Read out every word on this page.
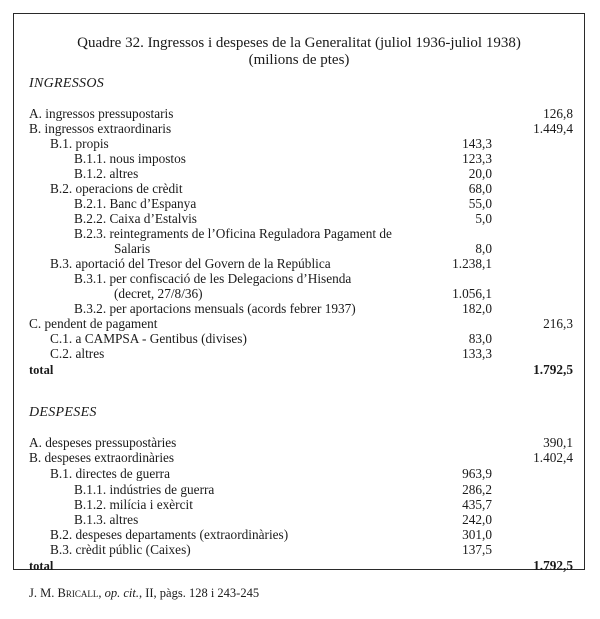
Quadre 32. Ingressos i despeses de la Generalitat (juliol 1936-juliol 1938)
(milions de ptes)
INGRESSOS
A. ingressos pressupostaris	126,8
B. ingressos extraordinaris	1.449,4
B.1. propis	143,3
B.1.1. nous impostos	123,3
B.1.2. altres	20,0
B.2. operacions de crèdit	68,0
B.2.1. Banc d’Espanya	55,0
B.2.2. Caixa d’Estalvis	5,0
B.2.3. reintegraments de l’Oficina Reguladora Pagament de
Salaris	8,0
B.3. aportació del Tresor del Govern de la República	1.238,1
B.3.1. per confiscació de les Delegacions d’Hisenda
(decret, 27/8/36)	1.056,1
B.3.2. per aportacions mensuals (acords febrer 1937)	182,0
C. pendent de pagament	216,3
C.1. a CAMPSA - Gentibus (divises)	83,0
C.2. altres	133,3
total	1.792,5
DESPESES
A. despeses pressupostàries	390,1
B. despeses extraordinàries	1.402,4
B.1. directes de guerra	963,9
B.1.1. indústries de guerra	286,2
B.1.2. milícia i exèrcit	435,7
B.1.3. altres	242,0
B.2. despeses departaments (extraordinàries)	301,0
B.3. crèdit públic (Caixes)	137,5
total	1.792,5
J. M. Bricall, op. cit., II, pàgs. 128 i 243-245
